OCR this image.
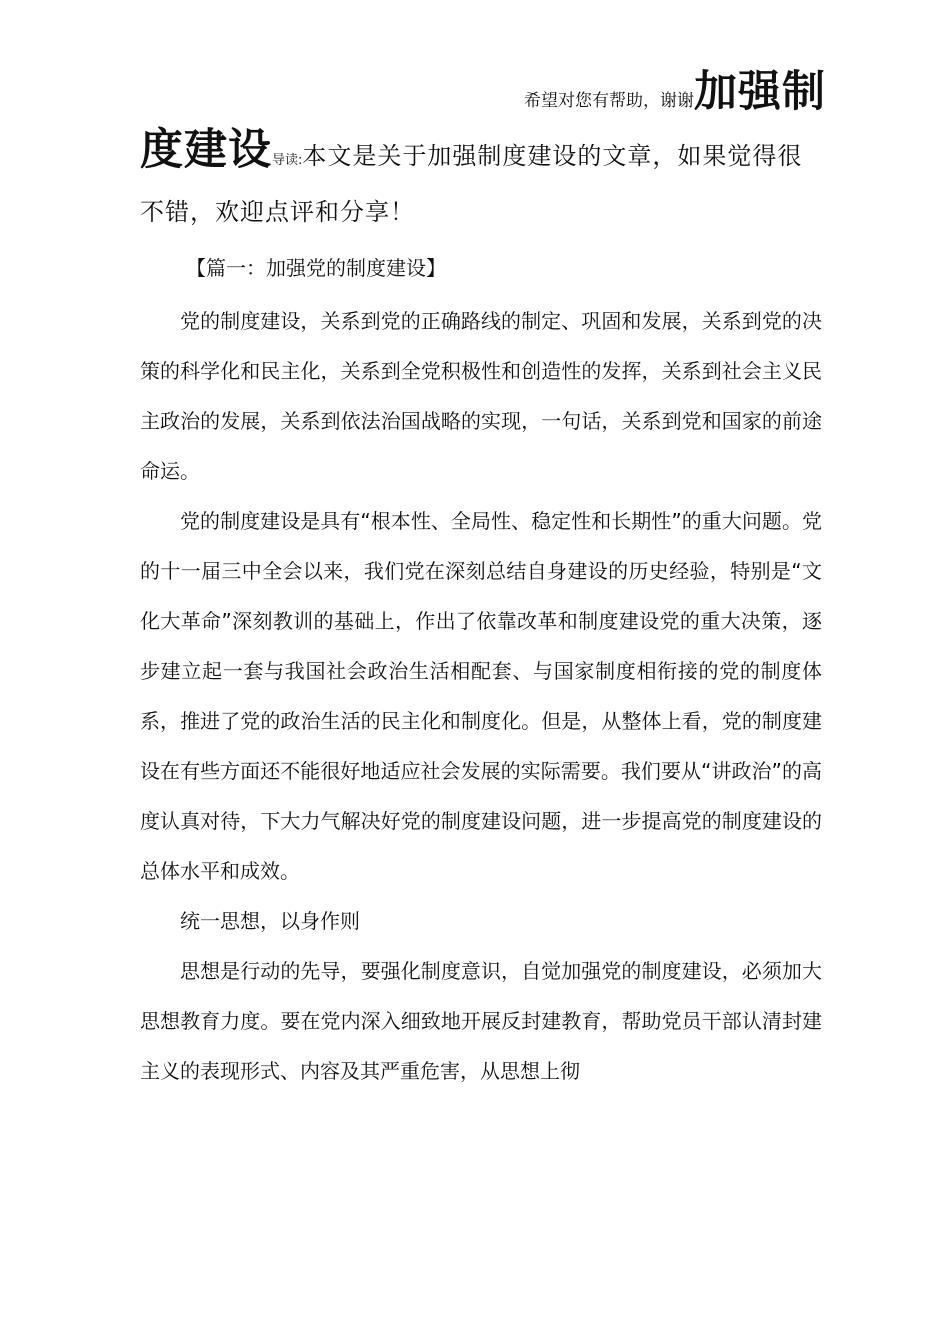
希望对您有帮助，谢谢加强制
度建设导读:本文是关于加强制度建设的文章，如果觉得很
不错，欢迎点评和分享！
【篇一：加强党的制度建设】

党的制度建设，关系到党的正确路线的制定、巩固和发展，关系到党的决策的科学化和民主化，关系到全党积极性和创造性的发挥，关系到社会主义民主政治的发展，关系到依法治国战略的实现，一句话，关系到党和国家的前途命运。

党的制度建设是具有“根本性、全局性、稳定性和长期性”的重大问题。党的十一届三中全会以来，我们党在深刻总结自身建设的历史经验，特别是“文化大革命”深刻教训的基础上，作出了依靠改革和制度建设党的重大决策，逐步建立起一套与我国社会政治生活相配套、与国家制度相衔接的党的制度体系，推进了党的政治生活的民主化和制度化。但是，从整体上看，党的制度建设在有些方面还不能很好地适应社会发展的实际需要。我们要从“讲政治”的高度认真对待，下大力气解决好党的制度建设问题，进一步提高党的制度建设的总体水平和成效。

统一思想，以身作则

思想是行动的先导，要强化制度意识，自觉加强党的制度建设，必须加大思想教育力度。要在党内深入细致地开展反封建教育，帮助党员干部认清封建主义的表现形式、内容及其严重危害，从思想上彻
